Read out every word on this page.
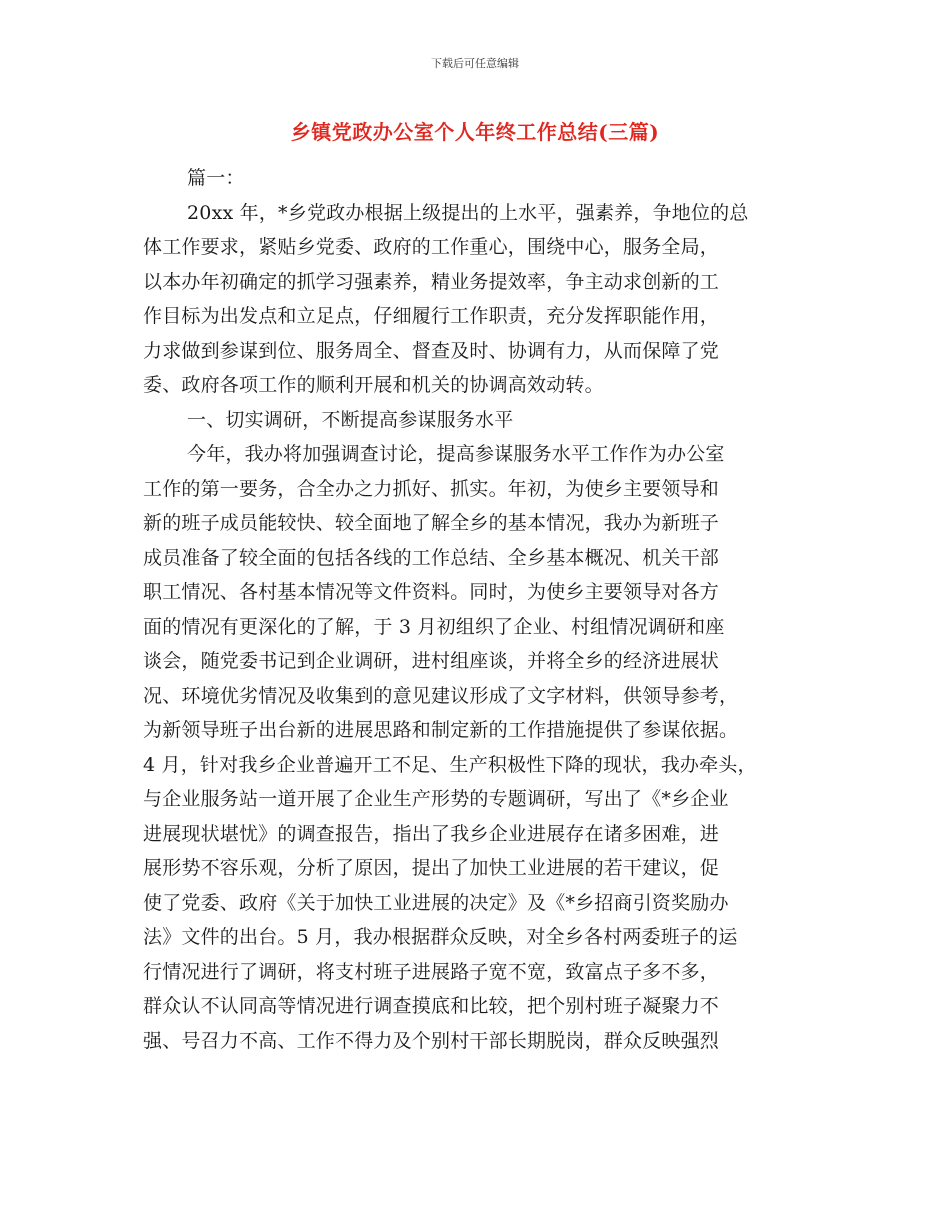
下载后可任意编辑
乡镇党政办公室个人年终工作总结(三篇)
篇一：
20xx 年，*乡党政办根据上级提出的上水平，强素养，争地位的总
体工作要求，紧贴乡党委、政府的工作重心，围绕中心，服务全局，
以本办年初确定的抓学习强素养，精业务提效率，争主动求创新的工
作目标为出发点和立足点，仔细履行工作职责，充分发挥职能作用，
力求做到参谋到位、服务周全、督查及时、协调有力，从而保障了党
委、政府各项工作的顺利开展和机关的协调高效动转。
一、切实调研，不断提高参谋服务水平
今年，我办将加强调查讨论，提高参谋服务水平工作作为办公室
工作的第一要务，合全办之力抓好、抓实。年初，为使乡主要领导和
新的班子成员能较快、较全面地了解全乡的基本情况，我办为新班子
成员准备了较全面的包括各线的工作总结、全乡基本概况、机关干部
职工情况、各村基本情况等文件资料。同时，为使乡主要领导对各方
面的情况有更深化的了解，于 3 月初组织了企业、村组情况调研和座
谈会，随党委书记到企业调研，进村组座谈，并将全乡的经济进展状
况、环境优劣情况及收集到的意见建议形成了文字材料，供领导参考，
为新领导班子出台新的进展思路和制定新的工作措施提供了参谋依据。
4 月，针对我乡企业普遍开工不足、生产积极性下降的现状，我办牵头，
与企业服务站一道开展了企业生产形势的专题调研，写出了《*乡企业
进展现状堪忧》的调查报告，指出了我乡企业进展存在诸多困难，进
展形势不容乐观，分析了原因，提出了加快工业进展的若干建议，促
使了党委、政府《关于加快工业进展的决定》及《*乡招商引资奖励办
法》文件的出台。5 月，我办根据群众反映，对全乡各村两委班子的运
行情况进行了调研，将支村班子进展路子宽不宽，致富点子多不多，
群众认不认同高等情况进行调查摸底和比较，把个别村班子凝聚力不
强、号召力不高、工作不得力及个别村干部长期脱岗，群众反映强烈
